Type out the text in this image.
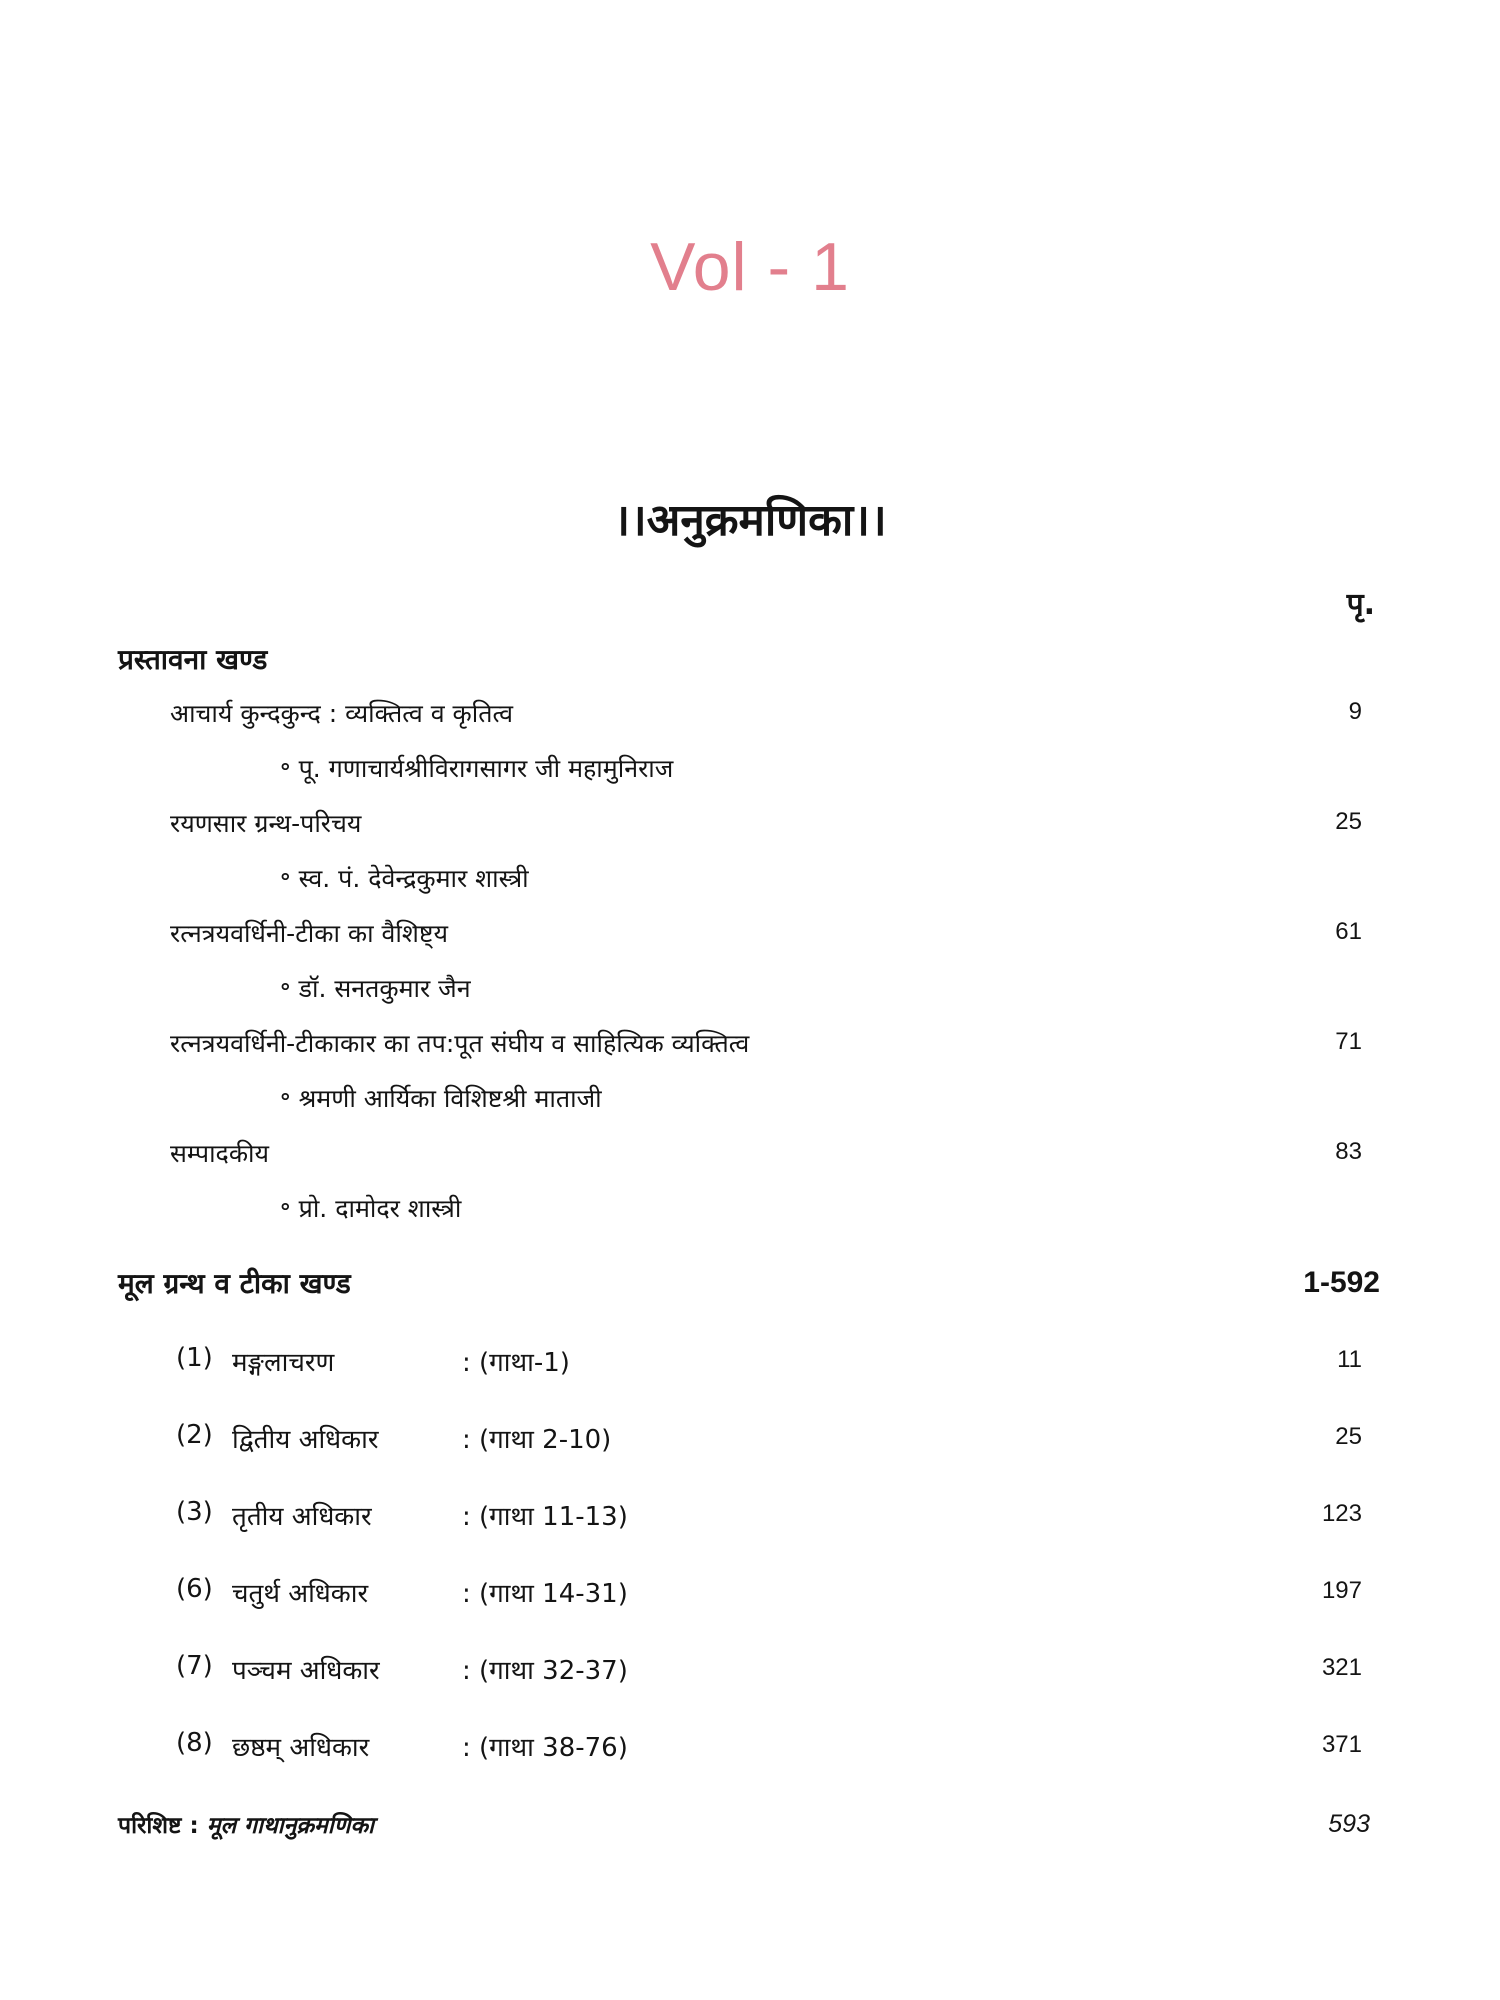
Vol - 1
।।अनुक्रमणिका।।
पृ.
प्रस्तावना खण्ड
आचार्य कुन्दकुन्द : व्यक्तित्व व कृतित्व	9
॰ पू. गणाचार्यश्रीविरागसागर जी महामुनिराज
रयणसार ग्रन्थ-परिचय	25
॰ स्व. पं. देवेन्द्रकुमार शास्त्री
रत्नत्रयवर्धिनी-टीका का वैशिष्ट्य	61
॰ डॉ. सनतकुमार जैन
रत्नत्रयवर्धिनी-टीकाकार का तप:पूत संघीय व साहित्यिक व्यक्तित्व	71
॰ श्रमणी आर्यिका विशिष्टश्री माताजी
सम्पादकीय	83
॰ प्रो. दामोदर शास्त्री
मूल ग्रन्थ व टीका खण्ड	1-592
(1) मङ्गलाचरण	: (गाथा-1)	11
(2) द्वितीय अधिकार	: (गाथा 2-10)	25
(3) तृतीय अधिकार	: (गाथा 11-13)	123
(6) चतुर्थ अधिकार	: (गाथा 14-31)	197
(7) पञ्चम अधिकार	: (गाथा 32-37)	321
(8) छष्ठम् अधिकार	: (गाथा 38-76)	371
परिशिष्ट : मूल गाथानुक्रमणिका	593
